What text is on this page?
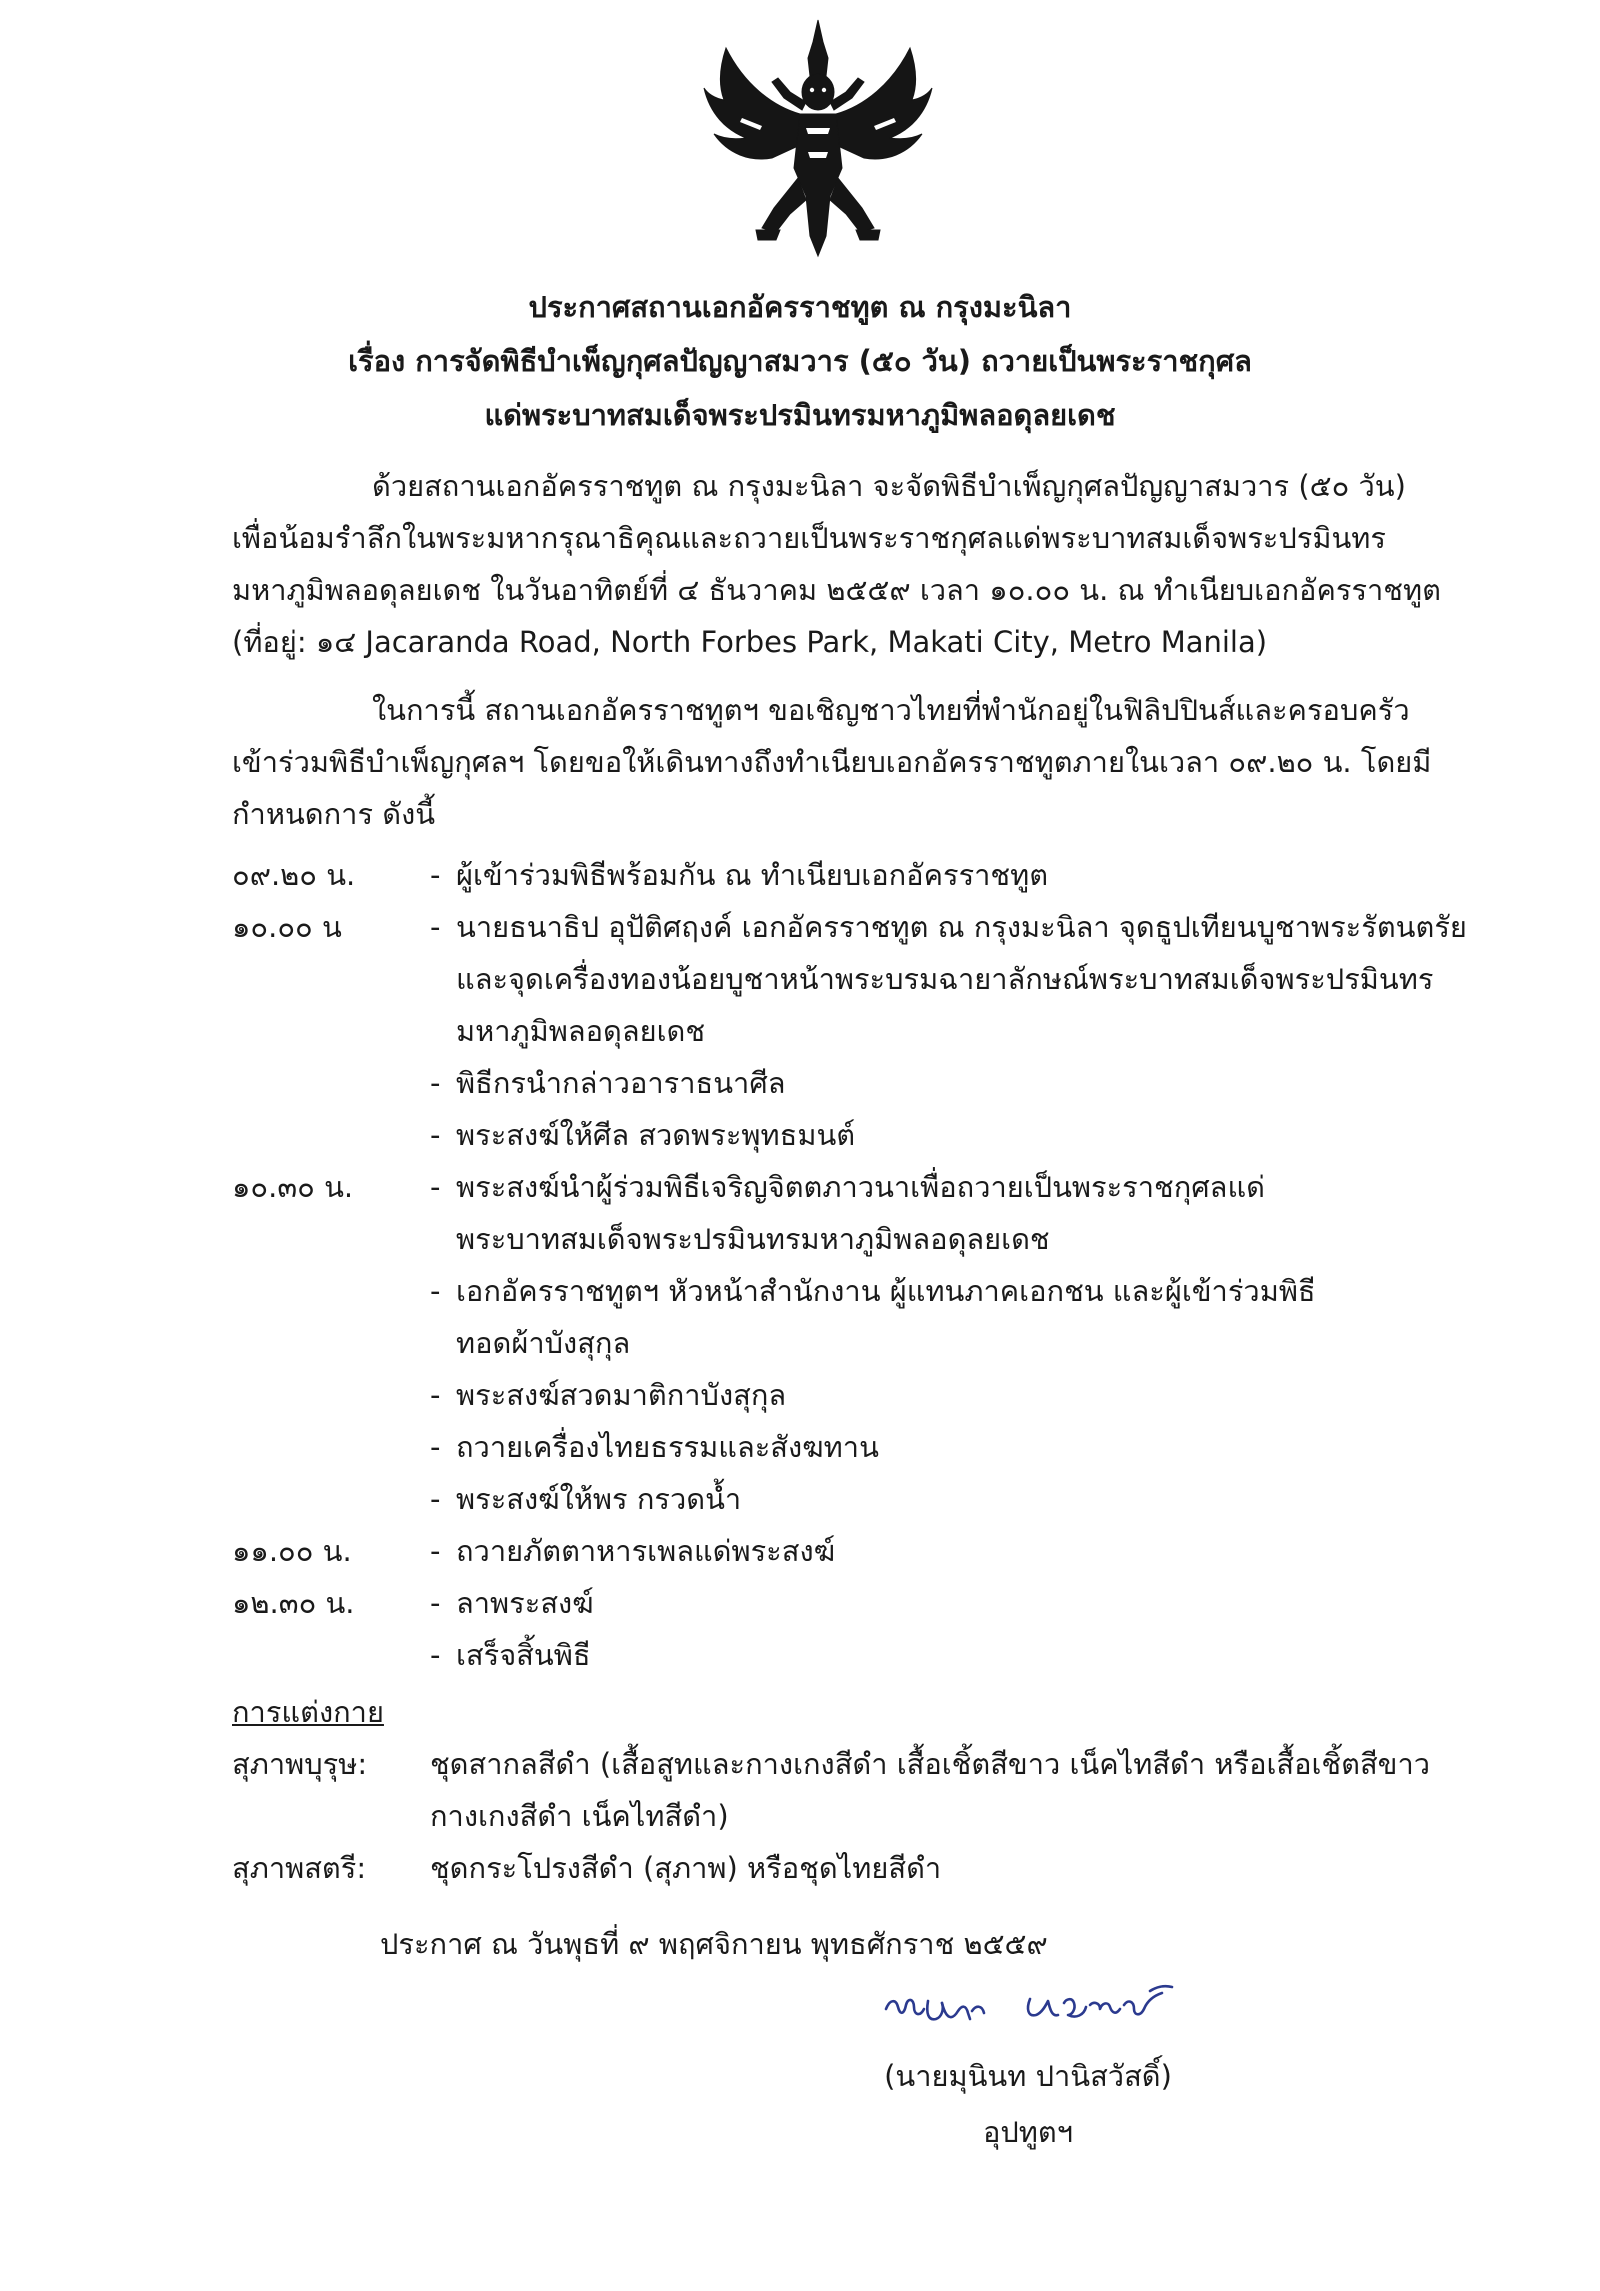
ประกาศสถานเอกอัครราชทูต ณ กรุงมะนิลา
เรื่อง การจัดพิธีบำเพ็ญกุศลปัญญาสมวาร (๕๐ วัน) ถวายเป็นพระราชกุศล
แด่พระบาทสมเด็จพระปรมินทรมหาภูมิพลอดุลยเดช
ด้วยสถานเอกอัครราชทูต ณ กรุงมะนิลา จะจัดพิธีบำเพ็ญกุศลปัญญาสมวาร (๕๐ วัน)
เพื่อน้อมรำลึกในพระมหากรุณาธิคุณและถวายเป็นพระราชกุศลแด่พระบาทสมเด็จพระปรมินทร
มหาภูมิพลอดุลยเดช ในวันอาทิตย์ที่ ๔ ธันวาคม ๒๕๕๙ เวลา ๑๐.๐๐ น. ณ ทำเนียบเอกอัครราชทูต
(ที่อยู่: ๑๔ Jacaranda Road, North Forbes Park, Makati City, Metro Manila)
ในการนี้ สถานเอกอัครราชทูตฯ ขอเชิญชาวไทยที่พำนักอยู่ในฟิลิปปินส์และครอบครัว
เข้าร่วมพิธีบำเพ็ญกุศลฯ โดยขอให้เดินทางถึงทำเนียบเอกอัครราชทูตภายในเวลา ๐๙.๒๐ น. โดยมี
กำหนดการ ดังนี้
๐๙.๒๐ น.	- ผู้เข้าร่วมพิธีพร้อมกัน ณ ทำเนียบเอกอัครราชทูต
๑๐.๐๐ น	- นายธนาธิป อุปัติศฤงค์ เอกอัครราชทูต ณ กรุงมะนิลา จุดธูปเทียนบูชาพระรัตนตรัย
และจุดเครื่องทองน้อยบูชาหน้าพระบรมฉายาลักษณ์พระบาทสมเด็จพระปรมินทร
มหาภูมิพลอดุลยเดช
- พิธีกรนำกล่าวอาราธนาศีล
- พระสงฆ์ให้ศีล สวดพระพุทธมนต์
๑๐.๓๐ น.	- พระสงฆ์นำผู้ร่วมพิธีเจริญจิตตภาวนาเพื่อถวายเป็นพระราชกุศลแด่
พระบาทสมเด็จพระปรมินทรมหาภูมิพลอดุลยเดช
- เอกอัครราชทูตฯ หัวหน้าสำนักงาน ผู้แทนภาคเอกชน และผู้เข้าร่วมพิธี
ทอดผ้าบังสุกุล
- พระสงฆ์สวดมาติกาบังสุกุล
- ถวายเครื่องไทยธรรมและสังฆทาน
- พระสงฆ์ให้พร กรวดน้ำ
๑๑.๐๐ น.	- ถวายภัตตาหารเพลแด่พระสงฆ์
๑๒.๓๐ น.	- ลาพระสงฆ์
- เสร็จสิ้นพิธี
การแต่งกาย
สุภาพบุรุษ: ชุดสากลสีดำ (เสื้อสูทและกางเกงสีดำ เสื้อเชิ้ตสีขาว เน็คไทสีดำ หรือเสื้อเชิ้ตสีขาว
กางเกงสีดำ เน็คไทสีดำ)
สุภาพสตรี: ชุดกระโปรงสีดำ (สุภาพ) หรือชุดไทยสีดำ
ประกาศ ณ วันพุธที่ ๙ พฤศจิกายน พุทธศักราช ๒๕๕๙
(นายมุนินท ปานิสวัสดิ์)
อุปทูตฯ
